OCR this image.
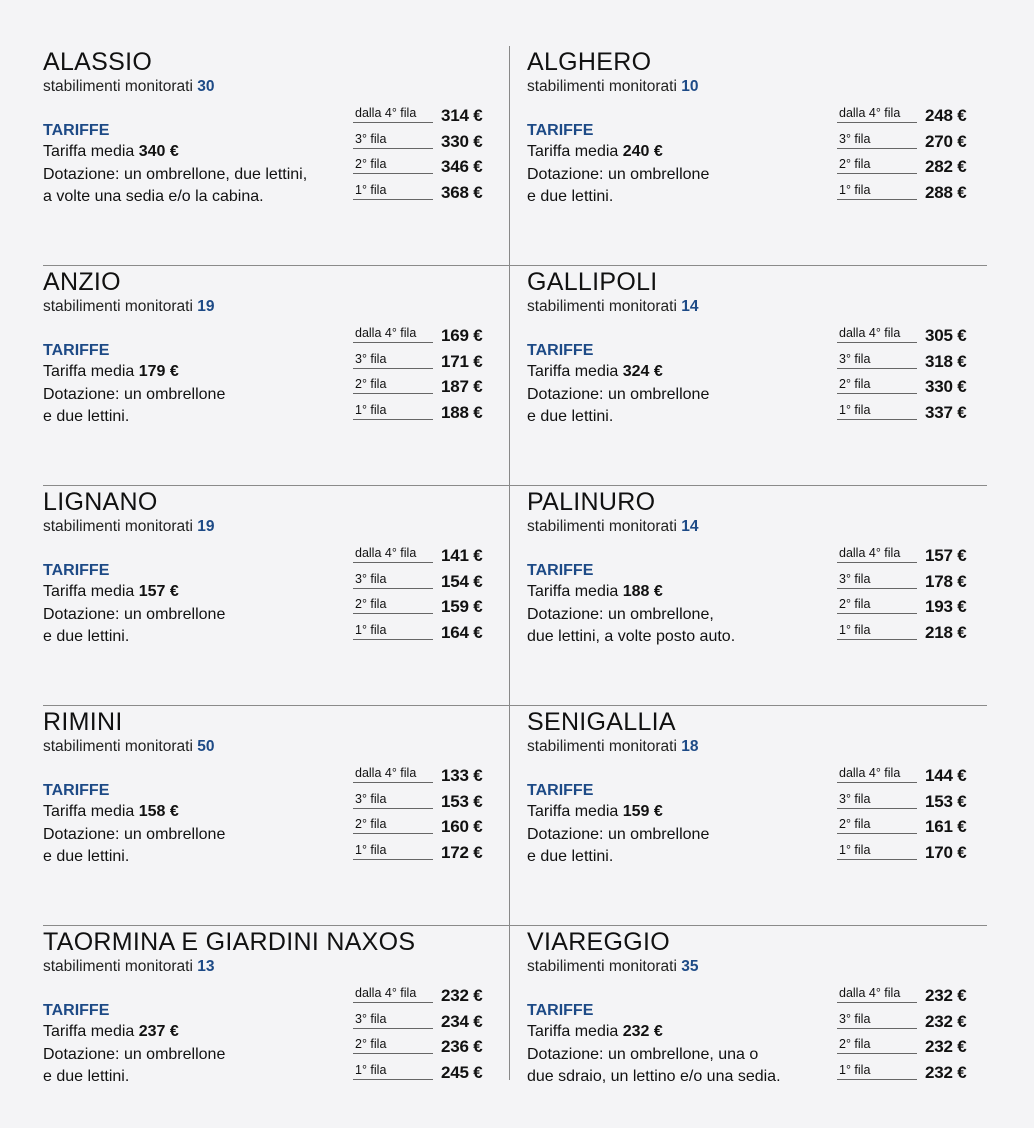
ALASSIO
stabilimenti monitorati 30
TARIFFE
Tariffa media 340 €
Dotazione: un ombrellone, due lettini,
a volte una sedia e/o la cabina.
dalla 4° fila	314 €
3° fila	330 €
2° fila	346 €
1° fila	368 €
ALGHERO
stabilimenti monitorati 10
TARIFFE
Tariffa media 240 €
Dotazione: un ombrellone
e due lettini.
dalla 4° fila	248 €
3° fila	270 €
2° fila	282 €
1° fila	288 €
ANZIO
stabilimenti monitorati 19
TARIFFE
Tariffa media 179 €
Dotazione: un ombrellone
e due lettini.
dalla 4° fila	169 €
3° fila	171 €
2° fila	187 €
1° fila	188 €
GALLIPOLI
stabilimenti monitorati 14
TARIFFE
Tariffa media 324 €
Dotazione: un ombrellone
e due lettini.
dalla 4° fila	305 €
3° fila	318 €
2° fila	330 €
1° fila	337 €
LIGNANO
stabilimenti monitorati 19
TARIFFE
Tariffa media 157 €
Dotazione: un ombrellone
e due lettini.
dalla 4° fila	141 €
3° fila	154 €
2° fila	159 €
1° fila	164 €
PALINURO
stabilimenti monitorati 14
TARIFFE
Tariffa media 188 €
Dotazione: un ombrellone,
due lettini, a volte posto auto.
dalla 4° fila	157 €
3° fila	178 €
2° fila	193 €
1° fila	218 €
RIMINI
stabilimenti monitorati 50
TARIFFE
Tariffa media 158 €
Dotazione: un ombrellone
e due lettini.
dalla 4° fila	133 €
3° fila	153 €
2° fila	160 €
1° fila	172 €
SENIGALLIA
stabilimenti monitorati 18
TARIFFE
Tariffa media 159 €
Dotazione: un ombrellone
e due lettini.
dalla 4° fila	144 €
3° fila	153 €
2° fila	161 €
1° fila	170 €
TAORMINA E GIARDINI NAXOS
stabilimenti monitorati 13
TARIFFE
Tariffa media 237 €
Dotazione: un ombrellone
e due lettini.
dalla 4° fila	232 €
3° fila	234 €
2° fila	236 €
1° fila	245 €
VIAREGGIO
stabilimenti monitorati 35
TARIFFE
Tariffa media 232 €
Dotazione: un ombrellone, una o
due sdraio, un lettino e/o una sedia.
dalla 4° fila	232 €
3° fila	232 €
2° fila	232 €
1° fila	232 €
